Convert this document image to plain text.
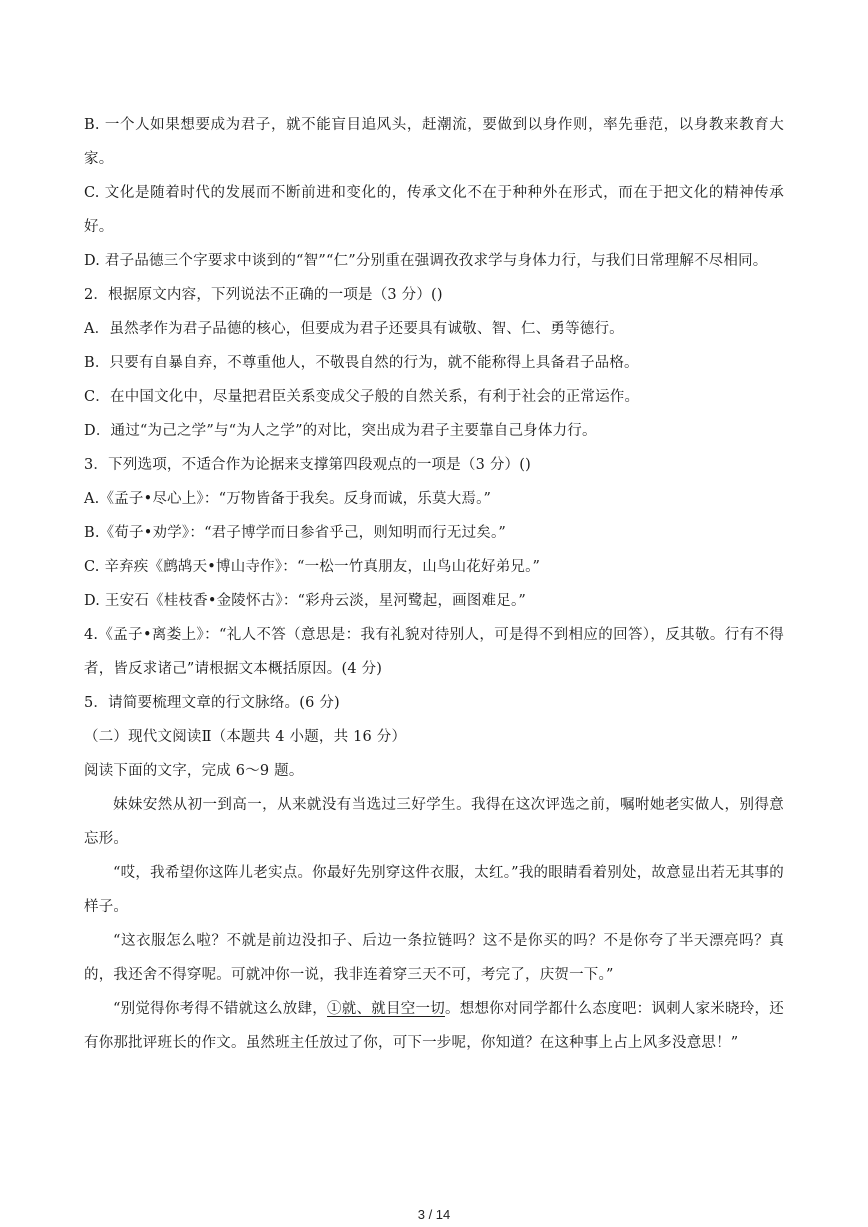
B. 一个人如果想要成为君子，就不能盲目追风头，赶潮流，要做到以身作则，率先垂范，以身教来教育大家。

C. 文化是随着时代的发展而不断前进和变化的，传承文化不在于种种外在形式，而在于把文化的精神传承好。

D. 君子品德三个字要求中谈到的“智”“仁”分别重在强调孜孜求学与身体力行，与我们日常理解不尽相同。

2．根据原文内容，下列说法不正确的一项是（3 分）()

A．虽然孝作为君子品德的核心，但要成为君子还要具有诚敬、智、仁、勇等德行。

B．只要有自暴自弃，不尊重他人，不敬畏自然的行为，就不能称得上具备君子品格。

C．在中国文化中，尽量把君臣关系变成父子般的自然关系，有利于社会的正常运作。

D．通过“为己之学”与“为人之学”的对比，突出成为君子主要靠自己身体力行。

3．下列选项，不适合作为论据来支撑第四段观点的一项是（3 分）()

A.《孟子•尽心上》：“万物皆备于我矣。反身而诚，乐莫大焉。”

B.《荀子•劝学》：“君子博学而日参省乎己，则知明而行无过矣。”

C. 辛弃疾《鹧鸪天•博山寺作》：“一松一竹真朋友，山鸟山花好弟兄。”

D. 王安石《桂枝香•金陵怀古》：“彩舟云淡，星河鹭起，画图难足。”

4.《孟子•离娄上》：“礼人不答（意思是：我有礼貌对待别人，可是得不到相应的回答），反其敬。行有不得者，皆反求诸己”请根据文本概括原因。(4 分)

5．请简要梳理文章的行文脉络。(6 分)

（二）现代文阅读Ⅱ（本题共 4 小题，共 16 分）

阅读下面的文字，完成 6～9 题。

妹妹安然从初一到高一，从来就没有当选过三好学生。我得在这次评选之前，嘱咐她老实做人，别得意忘形。

“哎，我希望你这阵儿老实点。你最好先别穿这件衣服，太红。”我的眼睛看着别处，故意显出若无其事的样子。

“这衣服怎么啦？不就是前边没扣子、后边一条拉链吗？这不是你买的吗？不是你夸了半天漂亮吗？真的，我还舍不得穿呢。可就冲你一说，我非连着穿三天不可，考完了，庆贺一下。”

“别觉得你考得不错就这么放肆，①就、就目空一切。想想你对同学都什么态度吧：讽刺人家米晓玲，还有你那批评班长的作文。虽然班主任放过了你，可下一步呢，你知道？在这种事上占上风多没意思！”

3 / 14
